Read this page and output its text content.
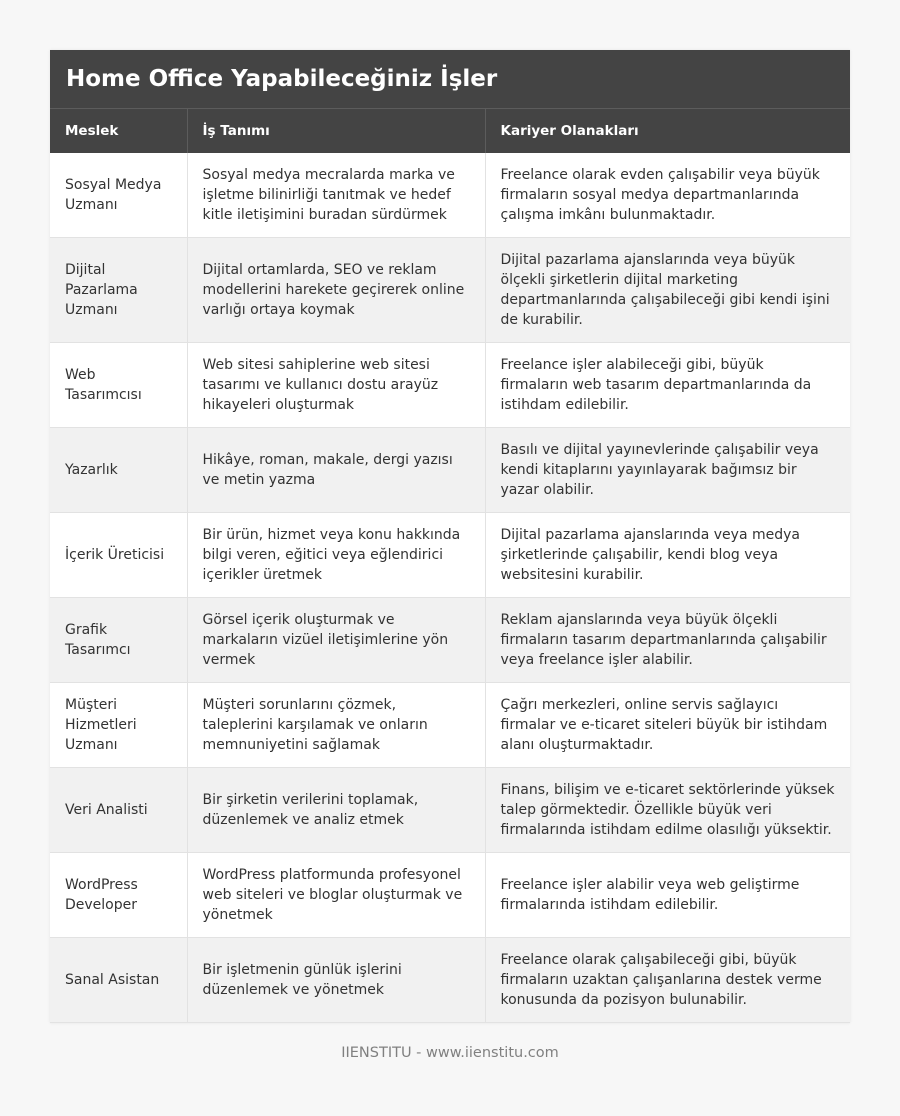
Home Office Yapabileceğiniz İşler
Meslek	İş Tanımı	Kariyer Olanakları
Sosyal Medya Uzmanı	Sosyal medya mecralarda marka ve işletme bilinirliği tanıtmak ve hedef kitle iletişimini buradan sürdürmek	Freelance olarak evden çalışabilir veya büyük firmaların sosyal medya departmanlarında çalışma imkânı bulunmaktadır.
Dijital Pazarlama Uzmanı	Dijital ortamlarda, SEO ve reklam modellerini harekete geçirerek online varlığı ortaya koymak	Dijital pazarlama ajanslarında veya büyük ölçekli şirketlerin dijital marketing departmanlarında çalışabileceği gibi kendi işini de kurabilir.
Web Tasarımcısı	Web sitesi sahiplerine web sitesi tasarımı ve kullanıcı dostu arayüz hikayeleri oluşturmak	Freelance işler alabileceği gibi, büyük firmaların web tasarım departmanlarında da istihdam edilebilir.
Yazarlık	Hikâye, roman, makale, dergi yazısı ve metin yazma	Basılı ve dijital yayınevlerinde çalışabilir veya kendi kitaplarını yayınlayarak bağımsız bir yazar olabilir.
İçerik Üreticisi	Bir ürün, hizmet veya konu hakkında bilgi veren, eğitici veya eğlendirici içerikler üretmek	Dijital pazarlama ajanslarında veya medya şirketlerinde çalışabilir, kendi blog veya websitesini kurabilir.
Grafik Tasarımcı	Görsel içerik oluşturmak ve markaların vizüel iletişimlerine yön vermek	Reklam ajanslarında veya büyük ölçekli firmaların tasarım departmanlarında çalışabilir veya freelance işler alabilir.
Müşteri Hizmetleri Uzmanı	Müşteri sorunlarını çözmek, taleplerini karşılamak ve onların memnuniyetini sağlamak	Çağrı merkezleri, online servis sağlayıcı firmalar ve e-ticaret siteleri büyük bir istihdam alanı oluşturmaktadır.
Veri Analisti	Bir şirketin verilerini toplamak, düzenlemek ve analiz etmek	Finans, bilişim ve e-ticaret sektörlerinde yüksek talep görmektedir. Özellikle büyük veri firmalarında istihdam edilme olasılığı yüksektir.
WordPress Developer	WordPress platformunda profesyonel web siteleri ve bloglar oluşturmak ve yönetmek	Freelance işler alabilir veya web geliştirme firmalarında istihdam edilebilir.
Sanal Asistan	Bir işletmenin günlük işlerini düzenlemek ve yönetmek	Freelance olarak çalışabileceği gibi, büyük firmaların uzaktan çalışanlarına destek verme konusunda da pozisyon bulunabilir.
IIENSTITU - www.iienstitu.com
